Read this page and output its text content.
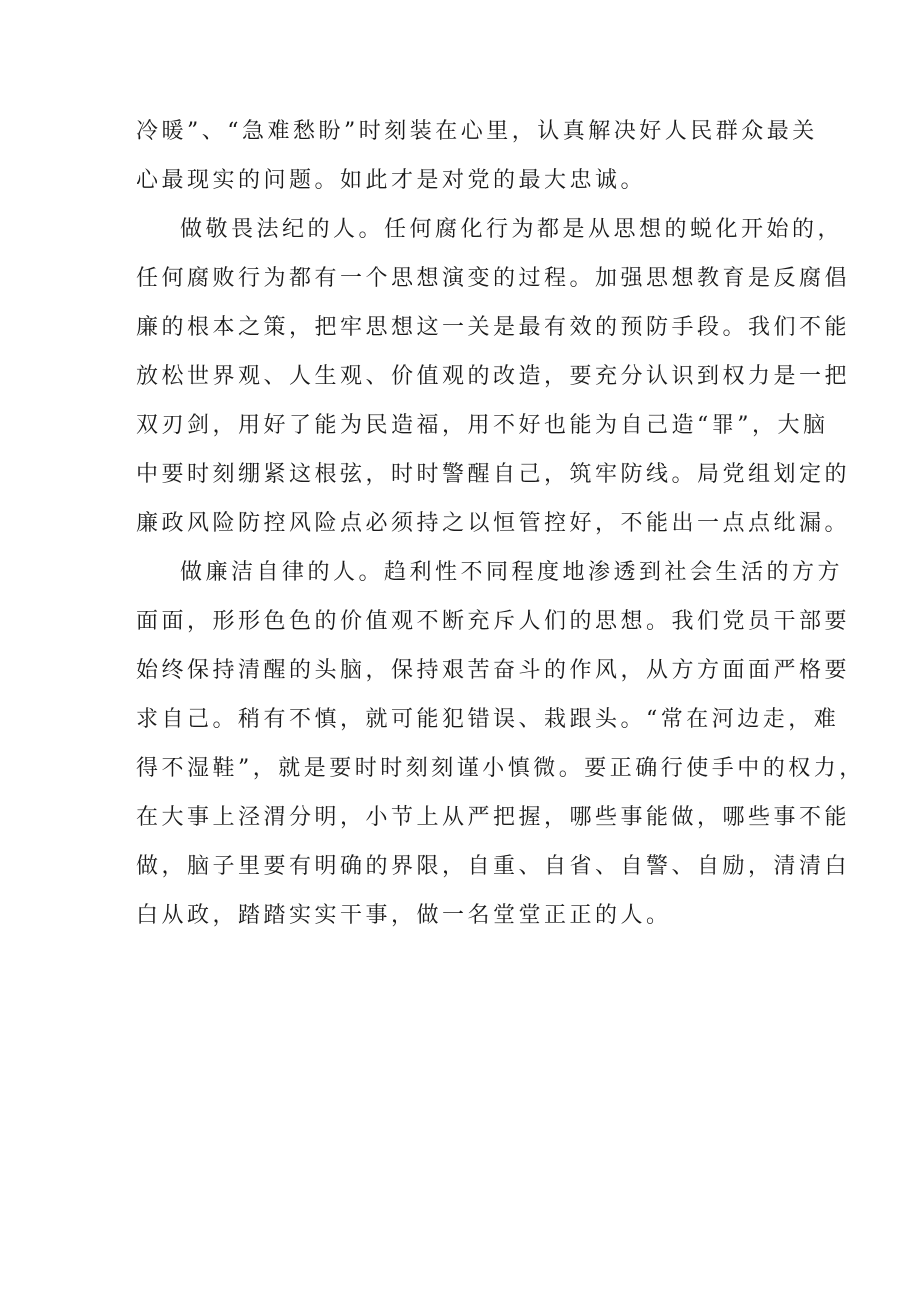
冷暖”、“急难愁盼”时刻装在心里，认真解决好人民群众最关
心最现实的问题。如此才是对党的最大忠诚。
做敬畏法纪的人。任何腐化行为都是从思想的蜕化开始的，
任何腐败行为都有一个思想演变的过程。加强思想教育是反腐倡
廉的根本之策，把牢思想这一关是最有效的预防手段。我们不能
放松世界观、人生观、价值观的改造，要充分认识到权力是一把
双刃剑，用好了能为民造福，用不好也能为自己造“罪”，大脑
中要时刻绷紧这根弦，时时警醒自己，筑牢防线。局党组划定的
廉政风险防控风险点必须持之以恒管控好，不能出一点点纰漏。
做廉洁自律的人。趋利性不同程度地渗透到社会生活的方方
面面，形形色色的价值观不断充斥人们的思想。我们党员干部要
始终保持清醒的头脑，保持艰苦奋斗的作风，从方方面面严格要
求自己。稍有不慎，就可能犯错误、栽跟头。“常在河边走，难
得不湿鞋”，就是要时时刻刻谨小慎微。要正确行使手中的权力，
在大事上泾渭分明，小节上从严把握，哪些事能做，哪些事不能
做，脑子里要有明确的界限，自重、自省、自警、自励，清清白
白从政，踏踏实实干事，做一名堂堂正正的人。
